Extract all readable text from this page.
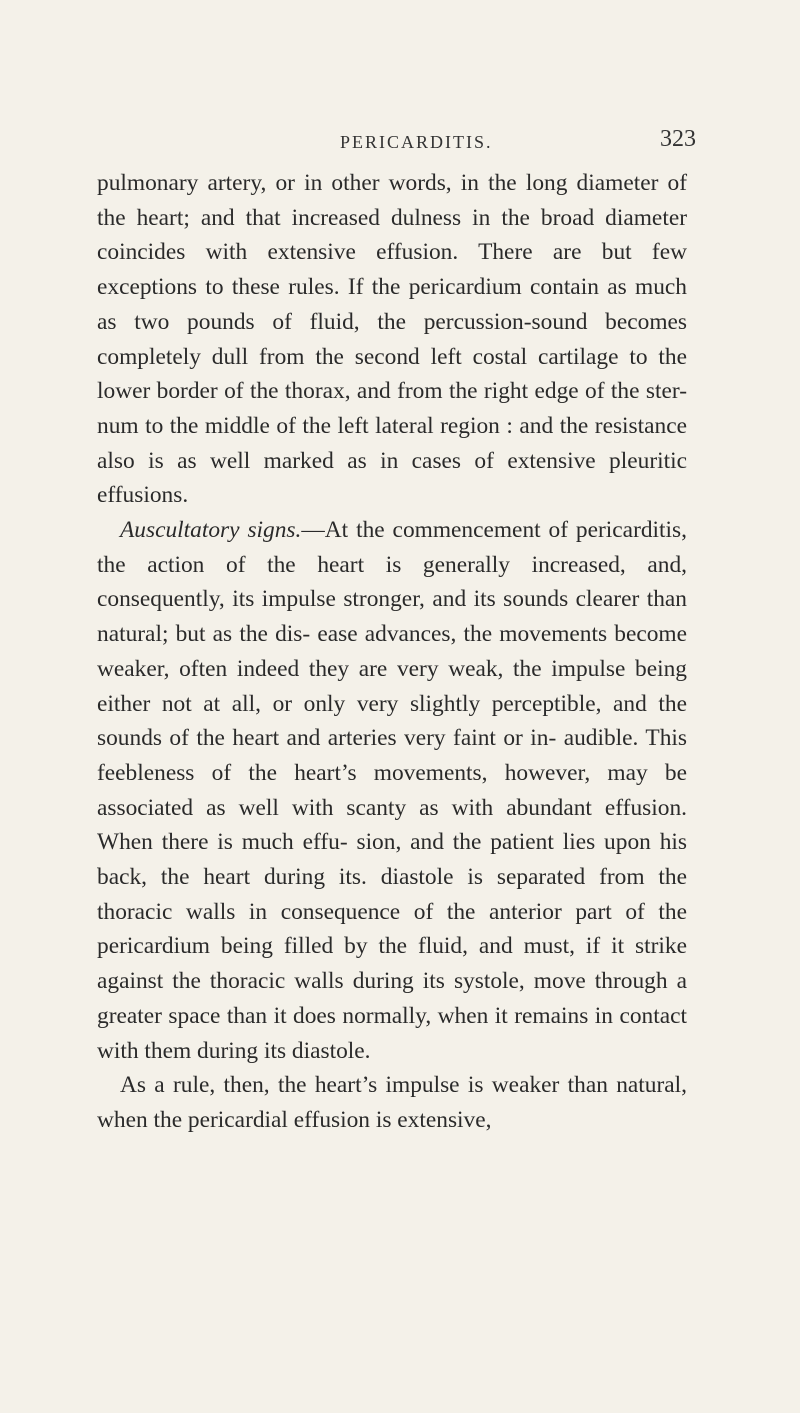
PERICARDITIS.	323

pulmonary artery, or in other words, in the long diameter of the heart; and that increased dulness in the broad diameter coincides with extensive effusion. There are but few exceptions to these rules. If the pericardium contain as much as two pounds of fluid, the percussion-sound becomes completely dull from the second left costal cartilage to the lower border of the thorax, and from the right edge of the ster- num to the middle of the left lateral region : and the resistance also is as well marked as in cases of extensive pleuritic effusions.

Auscultatory signs.—At the commencement of pericarditis, the action of the heart is generally increased, and, consequently, its impulse stronger, and its sounds clearer than natural; but as the dis- ease advances, the movements become weaker, often indeed they are very weak, the impulse being either not at all, or only very slightly perceptible, and the sounds of the heart and arteries very faint or in- audible. This feebleness of the heart’s movements, however, may be associated as well with scanty as with abundant effusion. When there is much effu- sion, and the patient lies upon his back, the heart during its. diastole is separated from the thoracic walls in consequence of the anterior part of the pericardium being filled by the fluid, and must, if it strike against the thoracic walls during its systole, move through a greater space than it does normally, when it remains in contact with them during its diastole.

As a rule, then, the heart’s impulse is weaker than natural, when the pericardial effusion is extensive,
